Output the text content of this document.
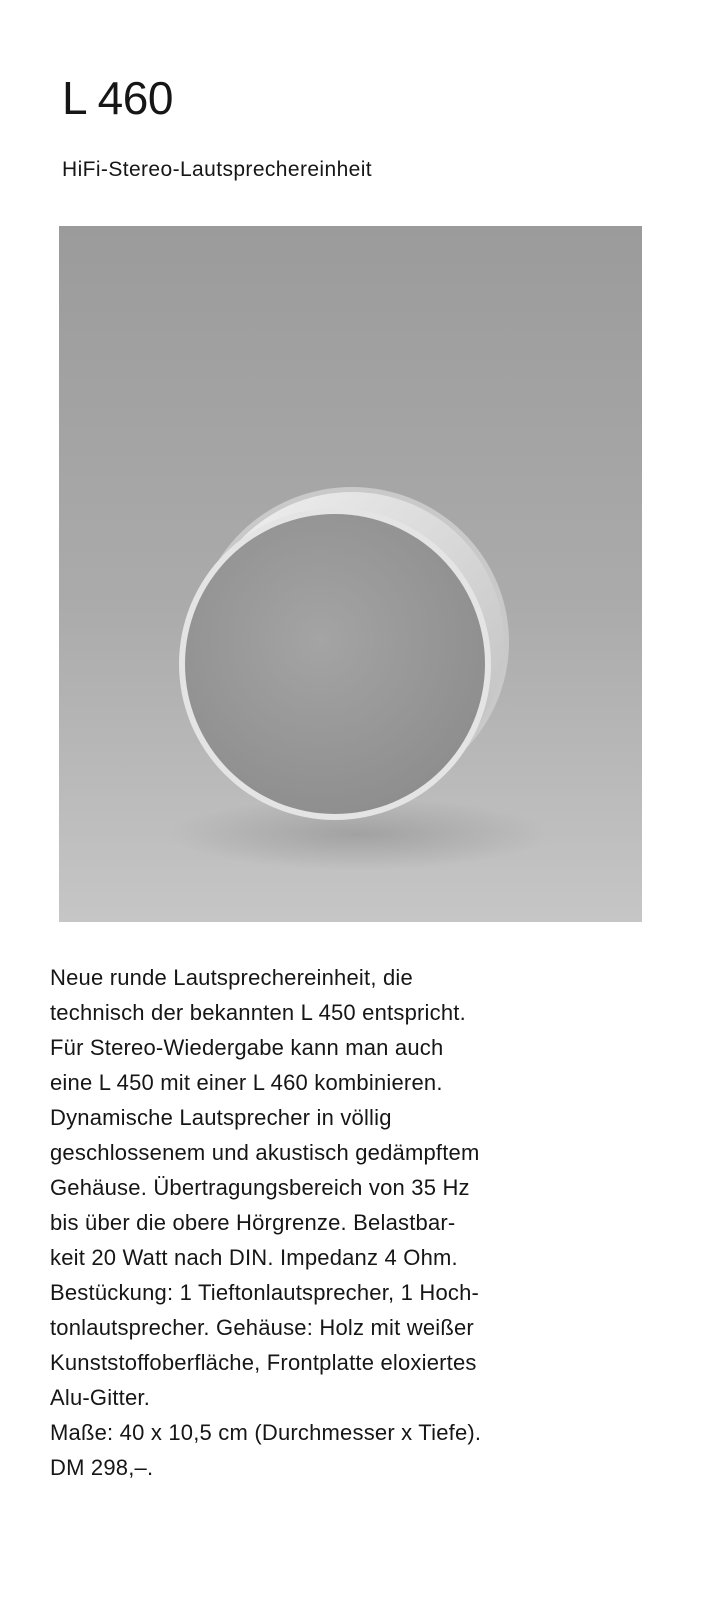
L 460
HiFi-Stereo-Lautsprechereinheit

Neue runde Lautsprechereinheit, die
technisch der bekannten L 450 entspricht.
Für Stereo-Wiedergabe kann man auch
eine L 450 mit einer L 460 kombinieren.
Dynamische Lautsprecher in völlig
geschlossenem und akustisch gedämpftem
Gehäuse. Übertragungsbereich von 35 Hz
bis über die obere Hörgrenze. Belastbar-
keit 20 Watt nach DIN. Impedanz 4 Ohm.
Bestückung: 1 Tieftonlautsprecher, 1 Hoch-
tonlautsprecher. Gehäuse: Holz mit weißer
Kunststoffoberfläche, Frontplatte eloxiertes
Alu-Gitter.

Maße: 40 x 10,5 cm (Durchmesser x Tiefe).

DM 298,–.
